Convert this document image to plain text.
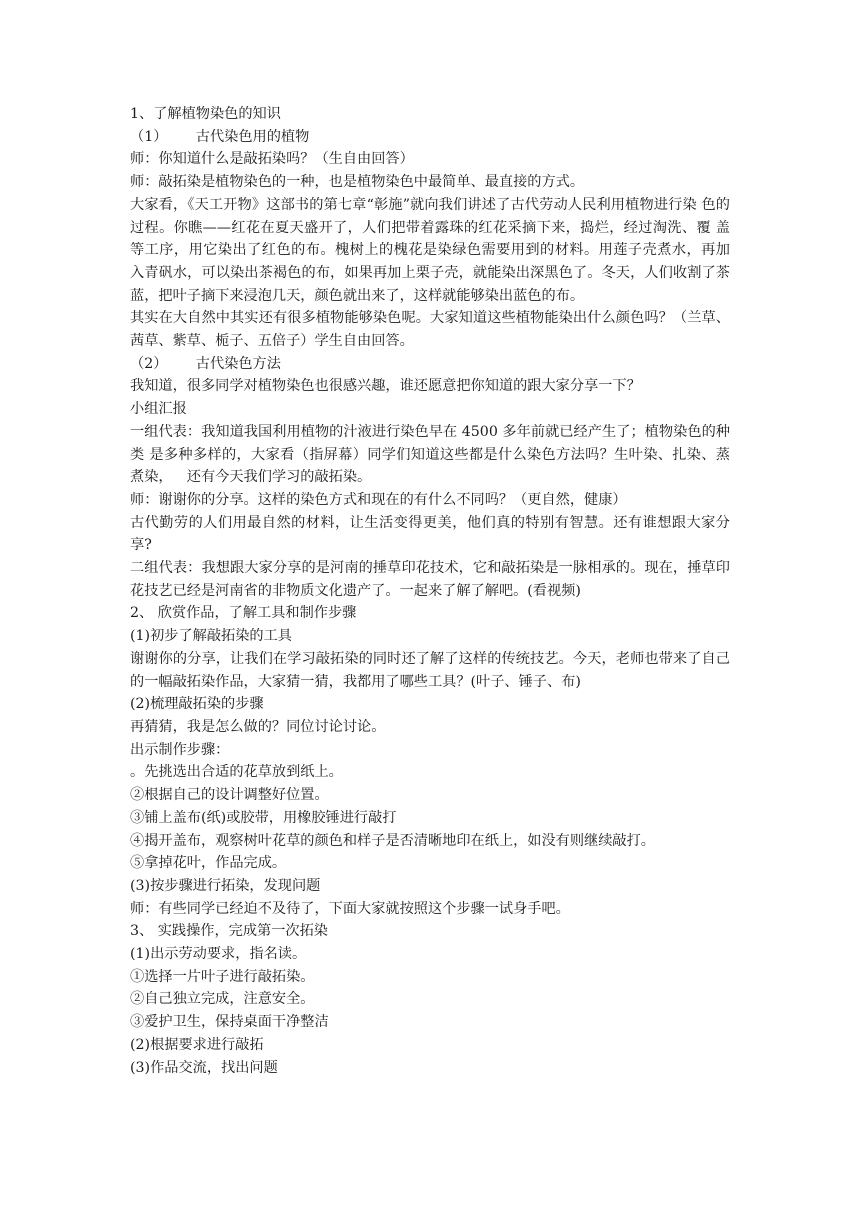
1、了解植物染色的知识

（1）  古代染色用的植物

师：你知道什么是敲拓染吗？（生自由回答）

师：敲拓染是植物染色的一种，也是植物染色中最简单、最直接的方式。

大家看，《天工开物》这部书的第七章“彰施”就向我们讲述了古代劳动人民利用植物进行染 色的过程。你瞧——红花在夏天盛开了，人们把带着露珠的红花采摘下来，捣烂，经过淘洗、覆 盖等工序，用它染出了红色的布。槐树上的槐花是染绿色需要用到的材料。用莲子壳煮水，再加 入青矾水，可以染出茶褐色的布，如果再加上栗子壳，就能染出深黑色了。冬天，人们收割了茶 蓝，把叶子摘下来浸泡几天，颜色就出来了，这样就能够染出蓝色的布。

其实在大自然中其实还有很多植物能够染色呢。大家知道这些植物能染出什么颜色吗？（兰草、茜草、紫草、栀子、五倍子）学生自由回答。

（2）  古代染色方法

我知道，很多同学对植物染色也很感兴趣，谁还愿意把你知道的跟大家分享一下？

小组汇报

一组代表：我知道我国利用植物的汁液进行染色早在 4500 多年前就已经产生了；植物染色的种类 是多种多样的，大家看（指屏幕）同学们知道这些都是什么染色方法吗？生叶染、扎染、蒸煮染， 还有今天我们学习的敲拓染。

师：谢谢你的分享。这样的染色方式和现在的有什么不同吗？（更自然，健康）

古代勤劳的人们用最自然的材料，让生活变得更美，他们真的特别有智慧。还有谁想跟大家分享?

二组代表：我想跟大家分享的是河南的捶草印花技术，它和敲拓染是一脉相承的。现在，捶草印 花技艺已经是河南省的非物质文化遗产了。一起来了解了解吧。(看视频)

2、 欣赏作品，了解工具和制作步骤

(1)初步了解敲拓染的工具

谢谢你的分享，让我们在学习敲拓染的同时还了解了这样的传统技艺。今天，老师也带来了自己的一幅敲拓染作品，大家猜一猜，我都用了哪些工具？(叶子、锤子、布)

(2)梳理敲拓染的步骤

再猜猜，我是怎么做的？同位讨论讨论。

出示制作步骤：

。先挑选出合适的花草放到纸上。

②根据自己的设计调整好位置。

③铺上盖布(纸)或胶带，用橡胶锤进行敲打

④揭开盖布，观察树叶花草的颜色和样子是否清晰地印在纸上，如没有则继续敲打。

⑤拿掉花叶，作品完成。

(3)按步骤进行拓染，发现问题

师：有些同学已经迫不及待了，下面大家就按照这个步骤一试身手吧。

3、 实践操作，完成第一次拓染

(1)出示劳动要求，指名读。

①选择一片叶子进行敲拓染。

②自己独立完成，注意安全。

③爱护卫生，保持桌面干净整洁

(2)根据要求进行敲拓

(3)作品交流，找出问题
